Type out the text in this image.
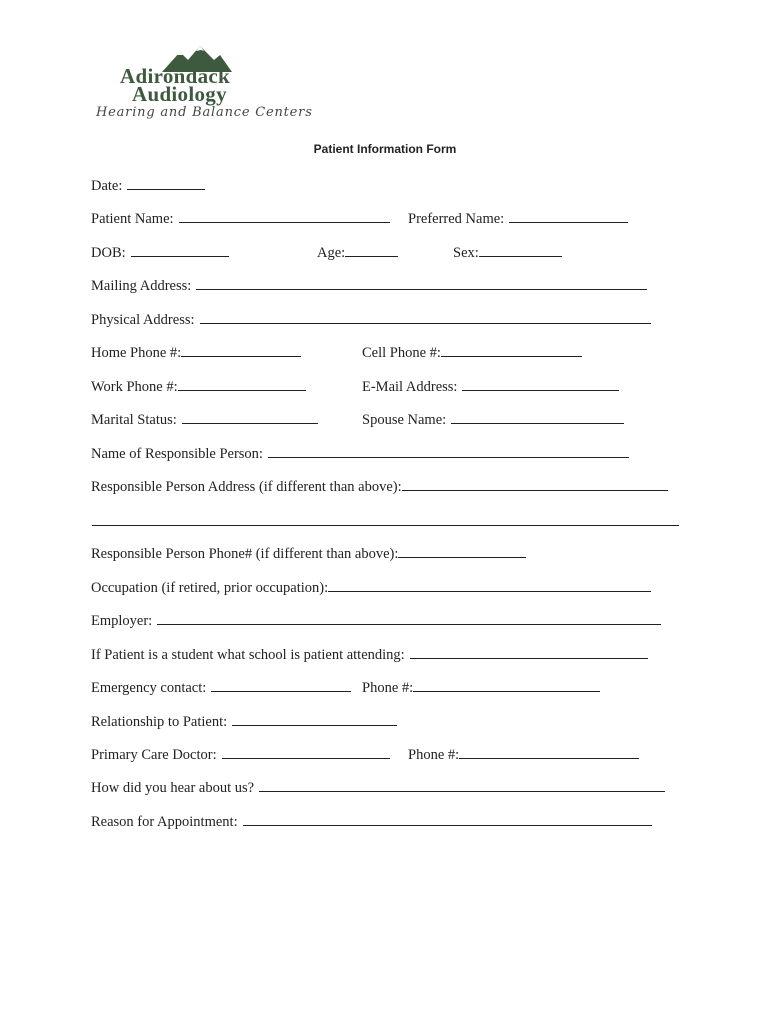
Adirondack
Audiology
Hearing and Balance Centers
Patient Information Form
Date:
Patient Name:	Preferred Name:
DOB:	Age:	Sex:
Mailing Address:
Physical Address:
Home Phone #:	Cell Phone #:
Work Phone #:	E-Mail Address:
Marital Status:	Spouse Name:
Name of Responsible Person:
Responsible Person Address (if different than above):
Responsible Person Phone# (if different than above):
Occupation (if retired, prior occupation):
Employer:
If Patient is a student what school is patient attending:
Emergency contact:	Phone #:
Relationship to Patient:
Primary Care Doctor:	Phone #:
How did you hear about us?
Reason for Appointment:
